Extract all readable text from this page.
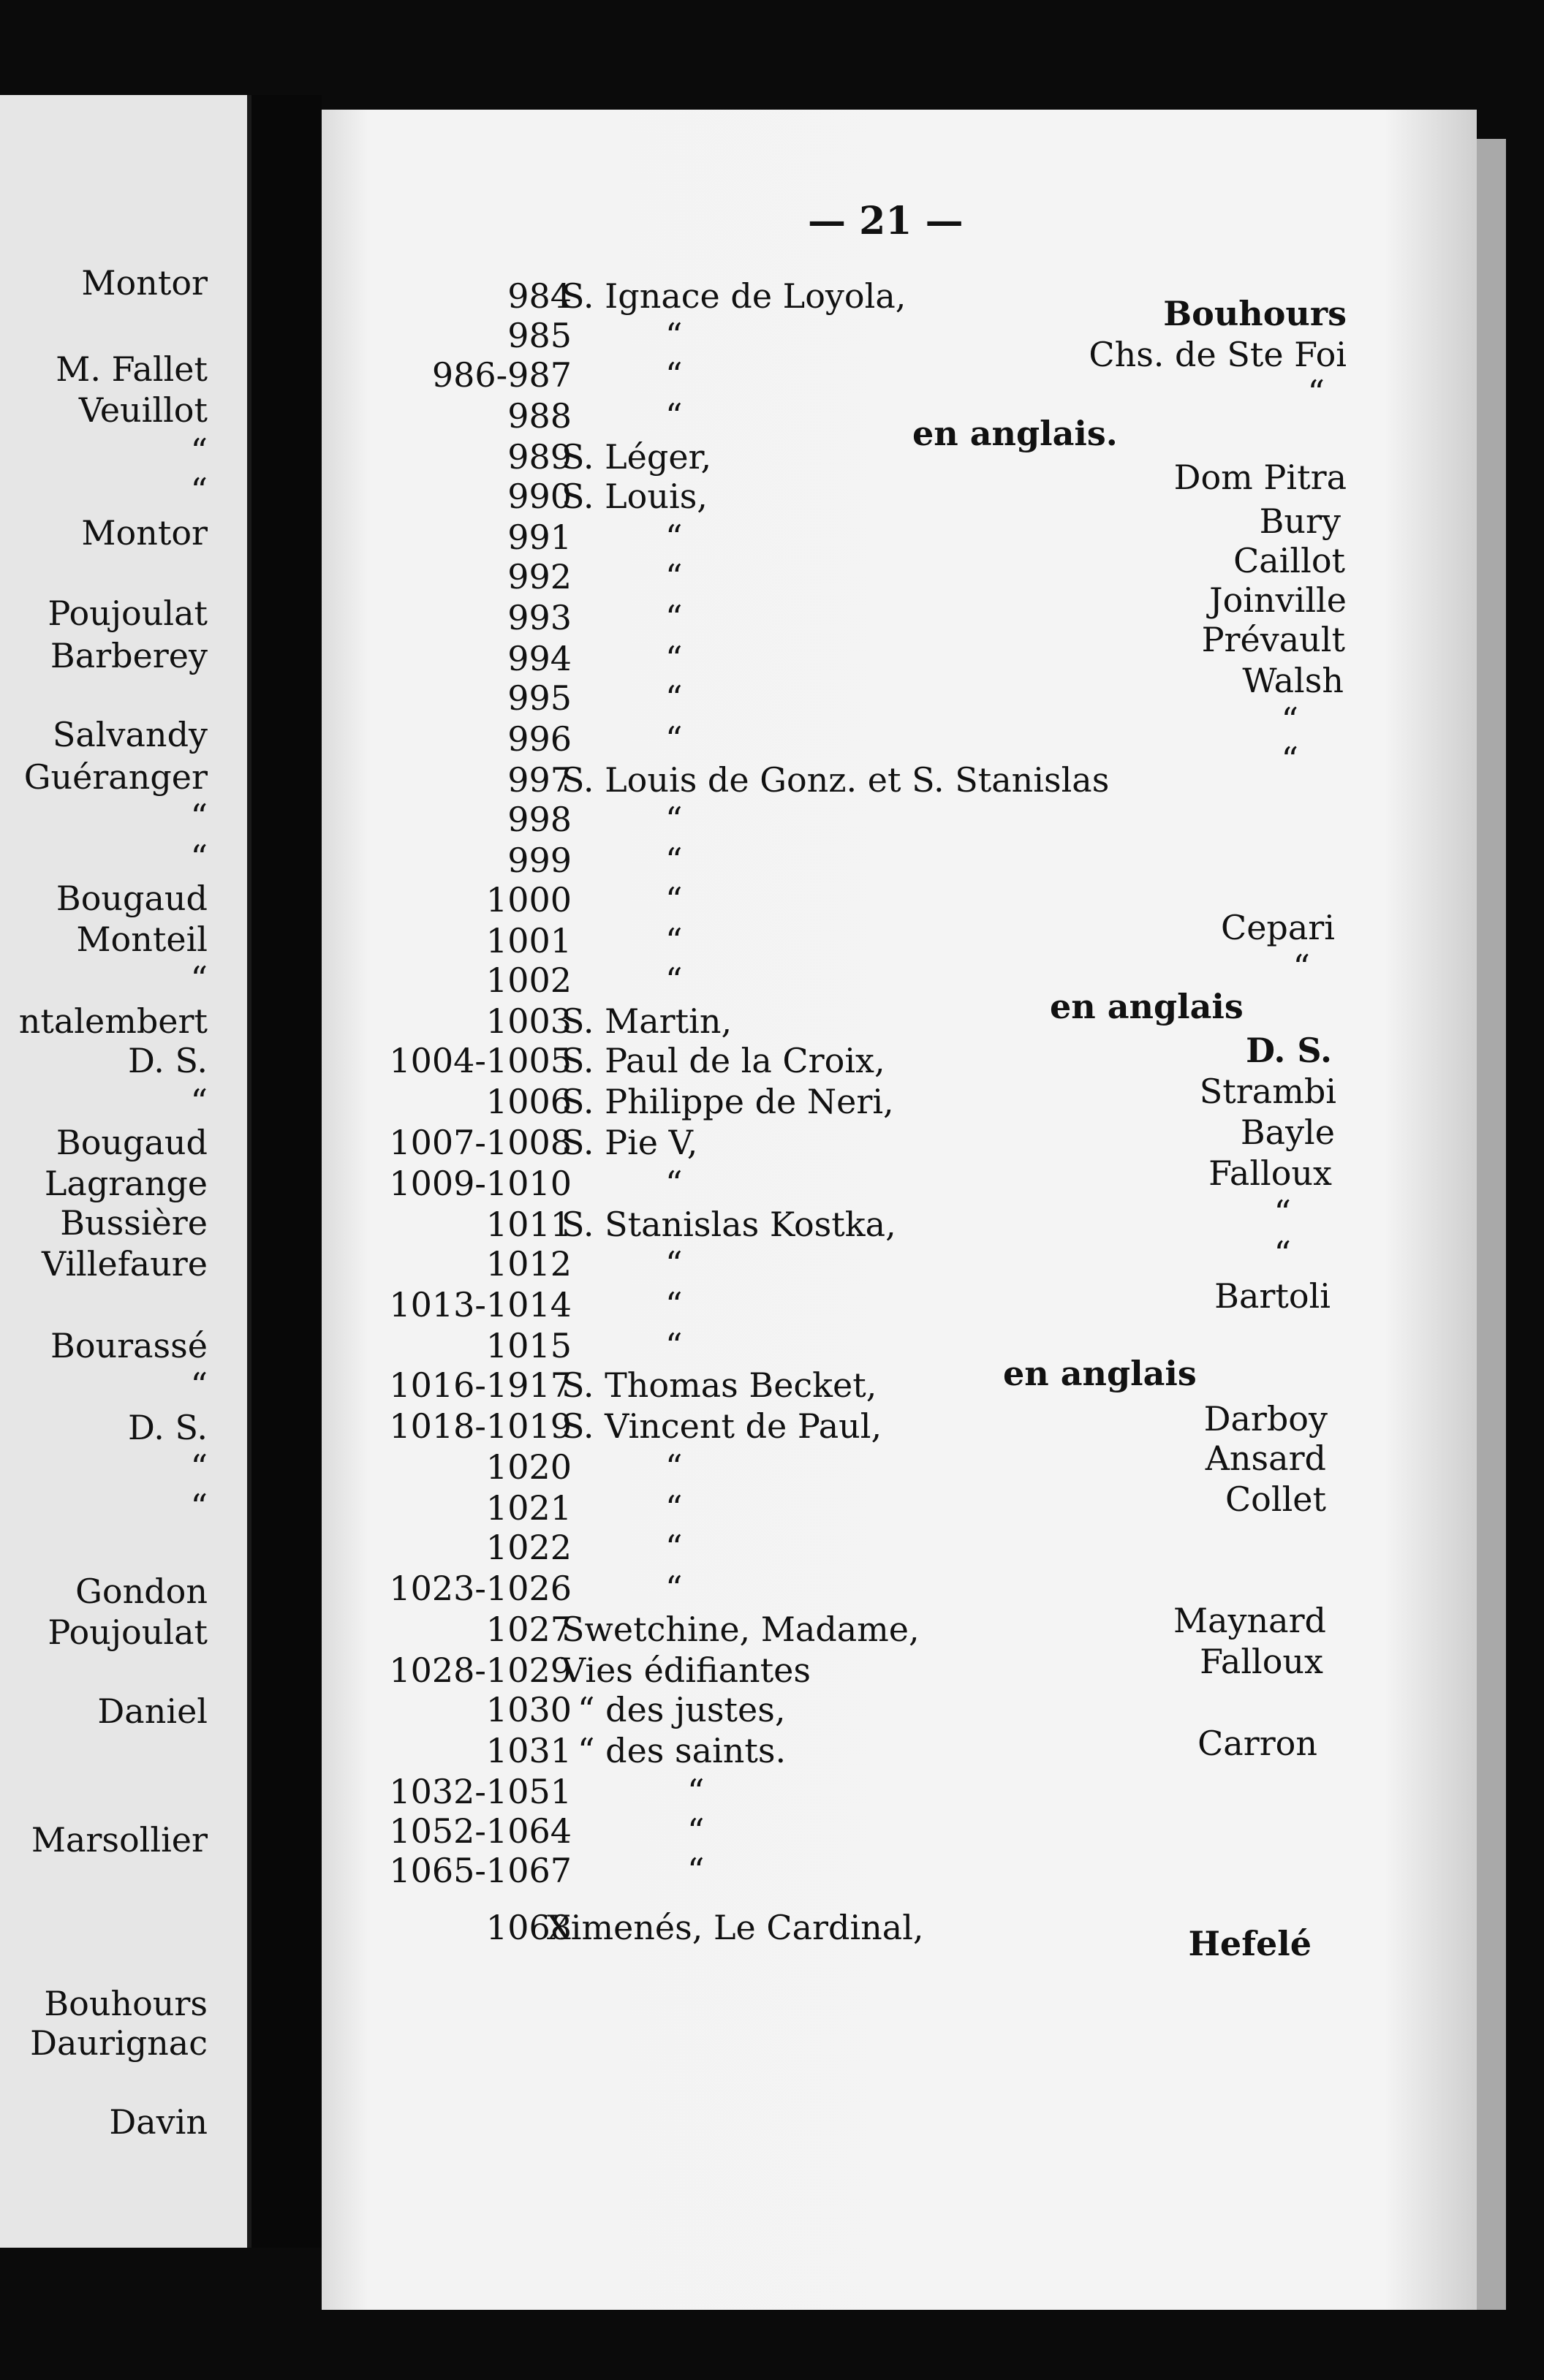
— 21 —
Montor
M. Fallet
Veuillot
“
“
Montor
Poujoulat
Barberey
Salvandy
Guéranger
“
“
Bougaud
Monteil
“
ntalembert
D. S.
“
Bougaud
Lagrange
Bussière
Villefaure
Bourassé
“
D. S.
“
“
Gondon
Poujoulat
Daniel
Marsollier
Bouhours
Daurignac
Davin
984
985
986-987
988
989
990
991
992
993
994
995
996
997
998
999
1000
1001
1002
1003
1004-1005
1006
1007-1008
1009-1010
1011
1012
1013-1014
1015
1016-1917
1018-1019
1020
1021
1022
1023-1026
1027
1028-1029
1030
1031
1032-1051
1052-1064
1065-1067
1068
S. Ignace de Loyola,
“
“
“
S. Léger,
S. Louis,
“
“
“
“
“
“
S. Louis de Gonz. et S. Stanislas
“
“
“
“
“
S. Martin,
S. Paul de la Croix,
S. Philippe de Neri,
S. Pie V,
“
S. Stanislas Kostka,
“
“
“
S. Thomas Becket,
S. Vincent de Paul,
“
“
“
“
Swetchine, Madame,
Vies édifiantes
“ des justes,
“ des saints.
“
“
“
Ximenés, Le Cardinal,
Bouhours
Chs. de Ste Foi
“
Dom Pitra
Bury
Caillot
Joinville
Prévault
Walsh
“
“
Cepari
“
D. S.
Strambi
Bayle
Falloux
“
“
Bartoli
Darboy
Ansard
Collet
Maynard
Falloux
Carron
Hefelé
en anglais.
en anglais
en anglais
